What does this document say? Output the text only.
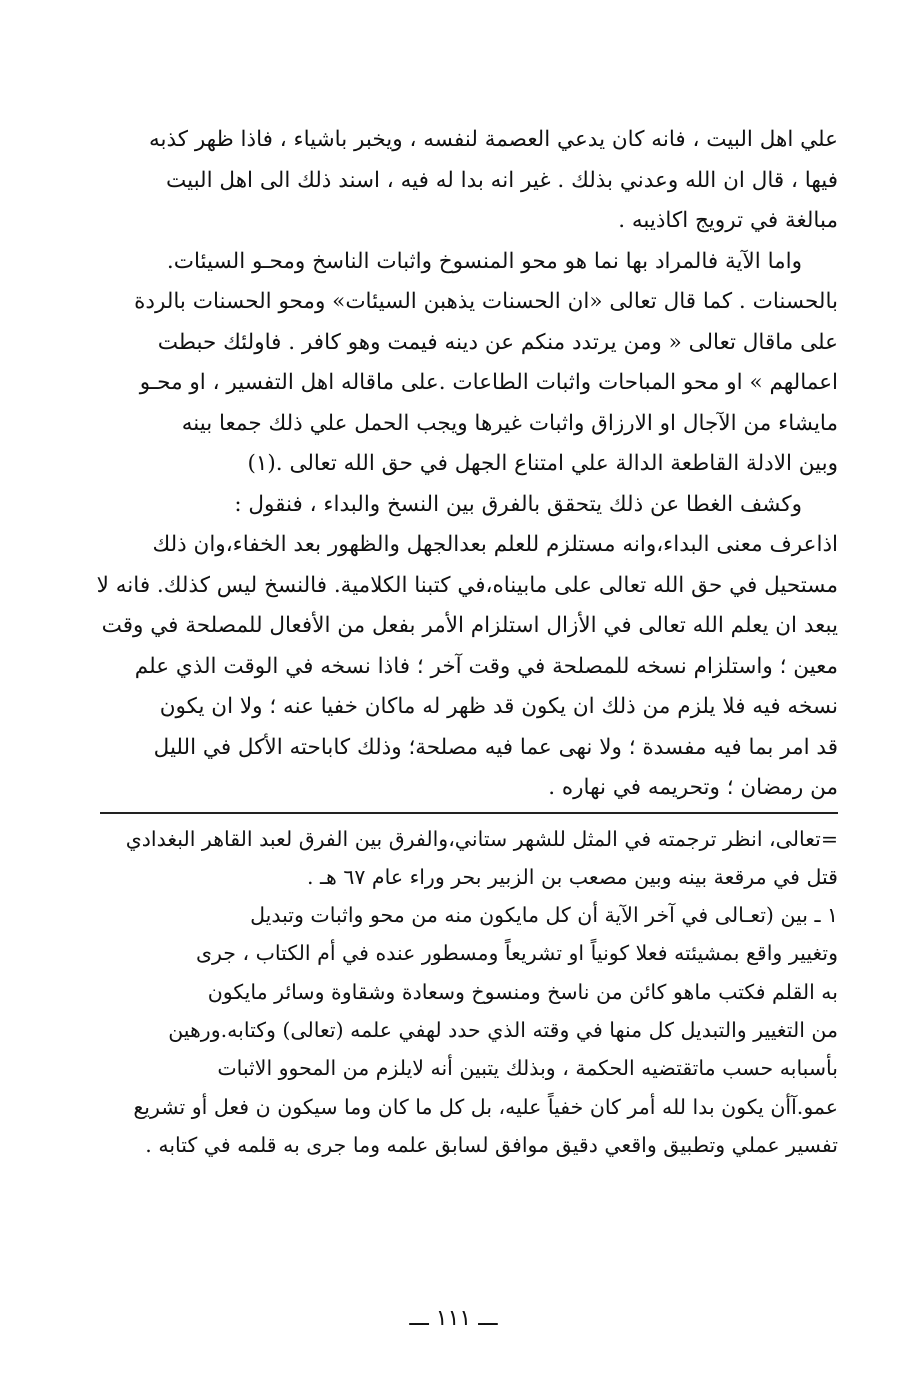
علي اهل البيت ، فانه كان يدعي العصمة لنفسه ، ويخبر باشياء ، فاذا ظهر كذبه
فيها ، قال ان الله وعدني بذلك . غير انه بدا له فيه ، اسند ذلك الى اهل البيت
مبالغة في ترويج اكاذيبه .
واما الآية فالمراد بها نما هو محو المنسوخ واثبات الناسخ ومحـو السيئات.
بالحسنات . كما قال تعالى «ان الحسنات يذهبن السيئات» ومحو الحسنات بالردة
على ماقال تعالى « ومن يرتدد منكم عن دينه فيمت وهو كافر . فاولئك حبطت
اعمالهم » او محو المباحات واثبات الطاعات .على ماقاله اهل التفسير ، او محـو
مايشاء من الآجال او الارزاق واثبات غيرها ويجب الحمل علي ذلك جمعا بينه
وبين الادلة القاطعة الدالة علي امتناع الجهل في حق الله تعالى .(١)
وكشف الغطا عن ذلك يتحقق بالفرق بين النسخ والبداء ، فنقول :
اذاعرف معنى البداء،وانه مستلزم للعلم بعدالجهل والظهور بعد الخفاء،وان ذلك
مستحيل في حق الله تعالى على مابيناه،في كتبنا الكلامية. فالنسخ ليس كذلك. فانه لا
يبعد ان يعلم الله تعالى في الأزال استلزام الأمر بفعل من الأفعال للمصلحة في وقت
معين ؛ واستلزام نسخه للمصلحة في وقت آخر ؛ فاذا نسخه في الوقت الذي علم
نسخه فيه فلا يلزم من ذلك ان يكون قد ظهر له ماكان خفيا عنه ؛ ولا ان يكون
قد امر بما فيه مفسدة ؛ ولا نهى عما فيه مصلحة؛ وذلك كاباحته الأكل في الليل
من رمضان ؛ وتحريمه في نهاره .
=تعالى، انظر ترجمته في المثل للشهر ستاني،والفرق بين الفرق لعبد القاهر البغدادي
قتل في مرقعة بينه وبين مصعب بن الزبير بحر وراء عام ٦٧ هـ .
١ ـ بين (تعـالى في آخر الآية أن كل مايكون منه من محو واثبات وتبديل
وتغيير واقع بمشيئته فعلا كونياً او تشريعاً ومسطور عنده في أم الكتاب ، جرى
به القلم فكتب ماهو كائن من ناسخ ومنسوخ وسعادة وشقاوة وسائر مايكون
من التغيير والتبديل كل منها في وقته الذي حدد لهفي علمه (تعالى) وكتابه.ورهين
بأسبابه حسب ماتقتضيه الحكمة ، وبذلك يتبين أنه لايلزم من المحوو الاثبات
عمو.آأن يكون بدا لله أمر كان خفياً عليه، بل كل ما كان وما سيكون ن فعل أو تشريع
تفسير عملي وتطبيق واقعي دقيق موافق لسابق علمه وما جرى به قلمه في كتابه .
ـــ ١١١ ـــ
